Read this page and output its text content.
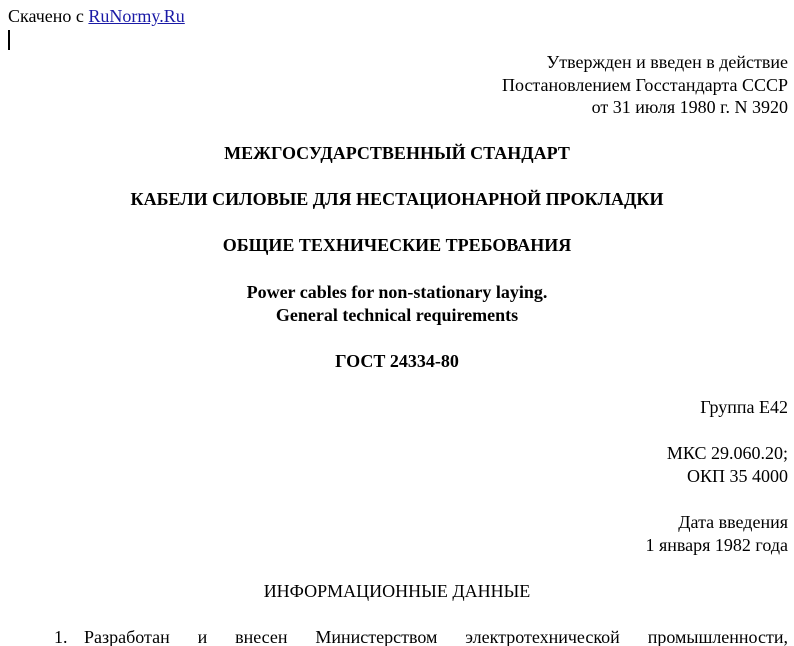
Скачено с RuNormy.Ru
Утвержден и введен в действие
Постановлением Госстандарта СССР
от 31 июля 1980 г. N 3920
МЕЖГОСУДАРСТВЕННЫЙ СТАНДАРТ
КАБЕЛИ СИЛОВЫЕ ДЛЯ НЕСТАЦИОНАРНОЙ ПРОКЛАДКИ
ОБЩИЕ ТЕХНИЧЕСКИЕ ТРЕБОВАНИЯ
Power cables for non-stationary laying.
General technical requirements
ГОСТ 24334-80
Группа Е42
МКС 29.060.20;
ОКП 35 4000
Дата введения
1 января 1982 года
ИНФОРМАЦИОННЫЕ ДАННЫЕ
1. Разработан и внесен Министерством электротехнической промышленности,
